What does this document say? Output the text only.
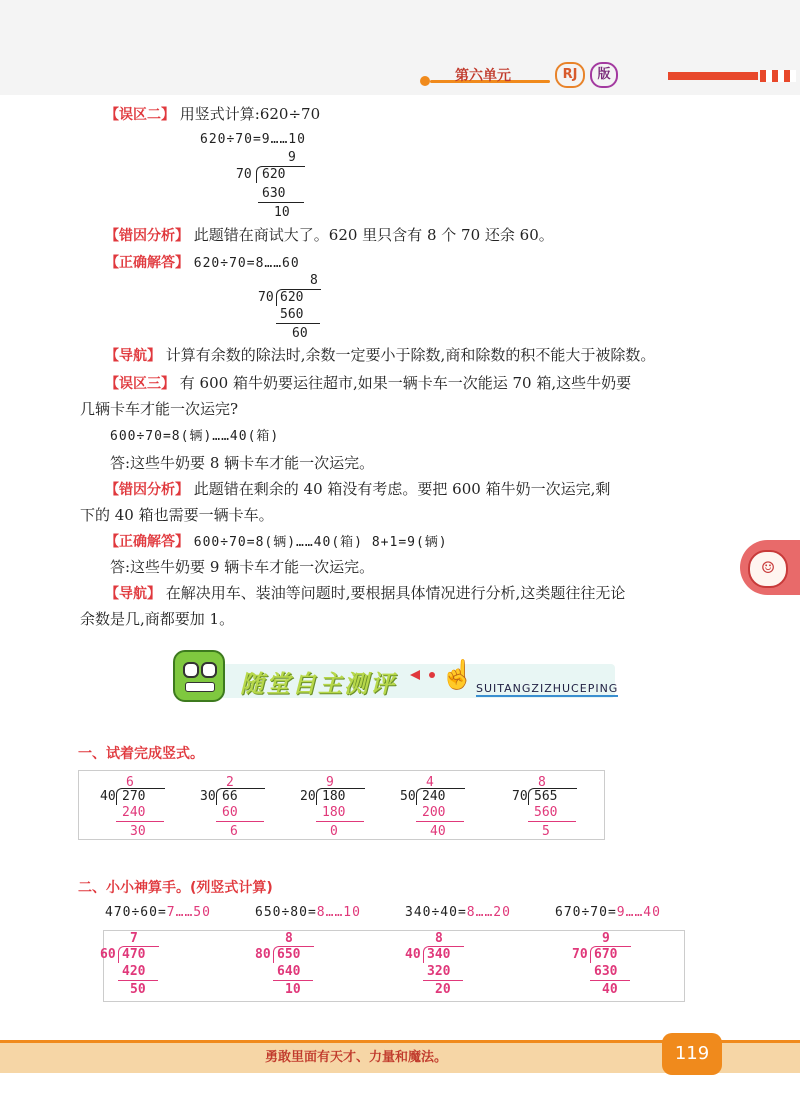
第六单元	RJ	版
【误区二】 用竖式计算:620÷70
620÷70=9……10
9
70 620
630
10
【错因分析】 此题错在商试大了。620 里只含有 8 个 70 还余 60。
【正确解答】 620÷70=8……60
8
70 620
560
60
【导航】 计算有余数的除法时,余数一定要小于除数,商和除数的积不能大于被除数。
【误区三】 有 600 箱牛奶要运往超市,如果一辆卡车一次能运 70 箱,这些牛奶要
几辆卡车才能一次运完?
600÷70=8(辆)……40(箱)
答:这些牛奶要 8 辆卡车才能一次运完。
【错因分析】 此题错在剩余的 40 箱没有考虑。要把 600 箱牛奶一次运完,剩
下的 40 箱也需要一辆卡车。
【正确解答】 600÷70=8(辆)……40(箱) 8+1=9(辆)
答:这些牛奶要 9 辆卡车才能一次运完。
【导航】 在解决用车、装油等问题时,要根据具体情况进行分析,这类题往往无论
余数是几,商都要加 1。
☺
随堂自主测评 ☝ SUITANGZIZHUCEPING
一、试着完成竖式。
6
40 270
240
30
2
30 66
60
6
9
20 180
180
0
4
50 240
200
40
8
70 565
560
5
二、小小神算手。(列竖式计算)
470÷60=7……50	650÷80=8……10	340÷40=8……20	670÷70=9……40
7
60 470
420
50
8
80 650
640
10
8
40 340
320
20
9
70 670
630
40
勇敢里面有天才、力量和魔法。	119
